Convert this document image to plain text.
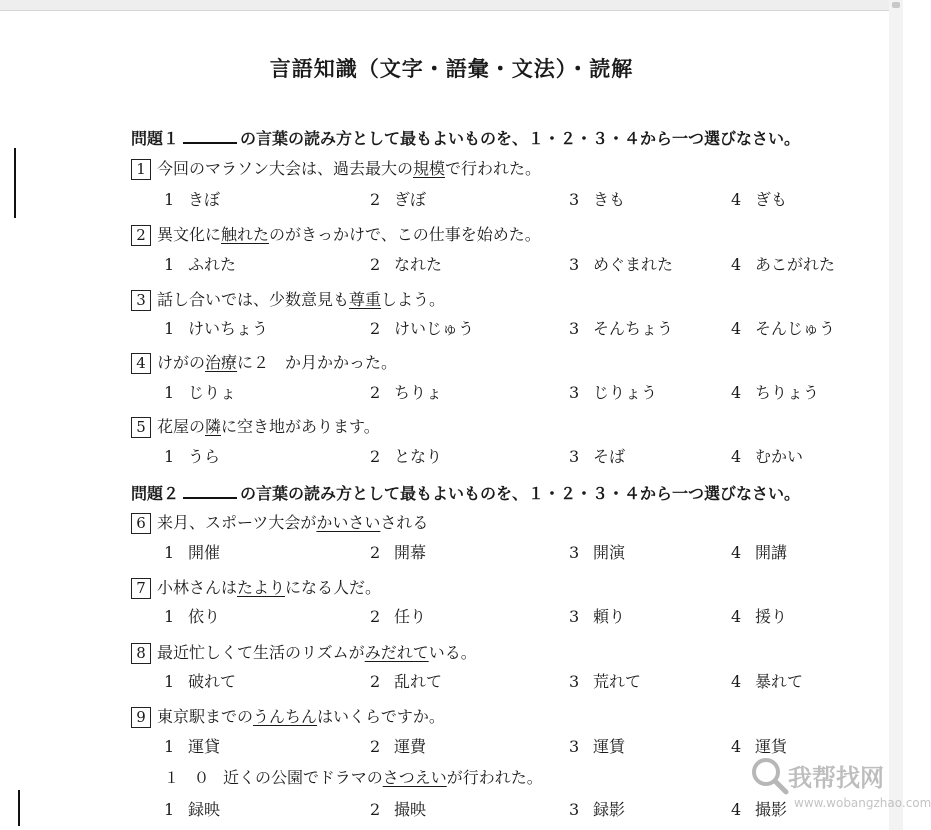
言語知識（文字・語彙・文法）・読解
問題１	の言葉の読み方として最もよいものを、１・２・３・４から一つ選びなさい。
1 今回のマラソン大会は、過去最大の規模で行われた。
1 きぼ	2 ぎぼ	3 きも	4 ぎも
2 異文化に触れたのがきっかけで、この仕事を始めた。
1 ふれた	2 なれた	3 めぐまれた	4 あこがれた
3 話し合いでは、少数意見も尊重しよう。
1 けいちょう	2 けいじゅう	3 そんちょう	4 そんじゅう
4 けがの治療に２　か月かかった。
1 じりょ	2 ちりょ	3 じりょう	4 ちりょう
5 花屋の隣に空き地があります。
1 うら	2 となり	3 そば	4 むかい
問題２	の言葉の読み方として最もよいものを、１・２・３・４から一つ選びなさい。
6 来月、スポーツ大会がかいさいされる
1 開催	2 開幕	3 開演	4 開講
7 小林さんはたよりになる人だ。
1 依り	2 任り	3 頼り	4 援り
8 最近忙しくて生活のリズムがみだれている。
1 破れて	2 乱れて	3 荒れて	4 暴れて
9 東京駅までのうんちんはいくらですか。
1 運貸	2 運費	3 運賃	4 運貨
１　０ 近くの公園でドラマのさつえいが行われた。
1 録映	2 撮映	3 録影	4 撮影
我帮找网
www.wobangzhao.com
